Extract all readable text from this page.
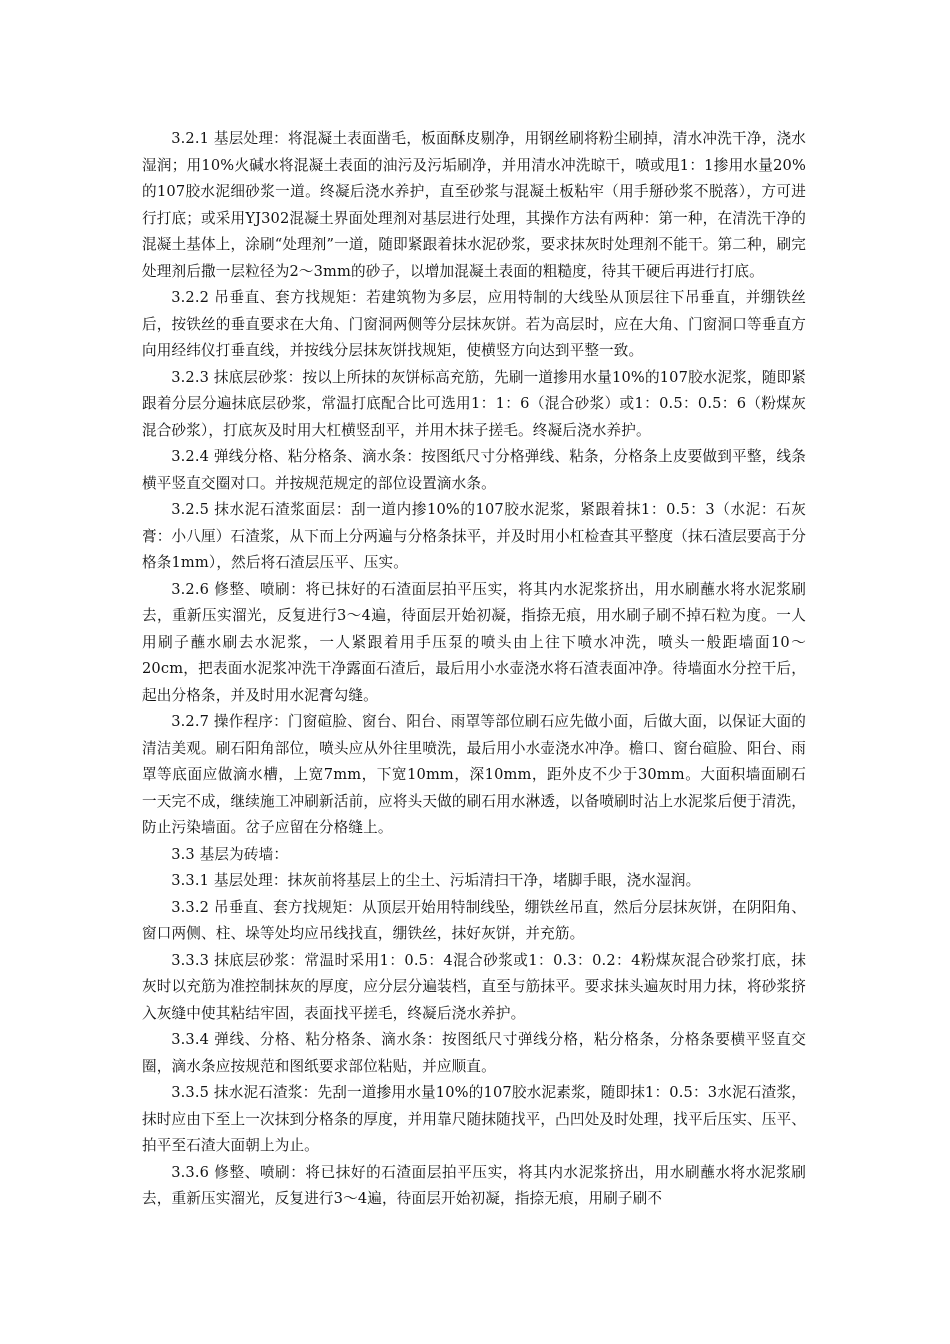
3.2.1 基层处理：将混凝土表面凿毛，板面酥皮剔净，用钢丝刷将粉尘刷掉，清水冲洗干净，浇水湿润；用10%火碱水将混凝土表面的油污及污垢刷净，并用清水冲洗晾干，喷或甩1：1掺用水量20%的107胶水泥细砂浆一道。终凝后浇水养护，直至砂浆与混凝土板粘牢（用手掰砂浆不脱落），方可进行打底；或采用YJ302混凝土界面处理剂对基层进行处理，其操作方法有两种：第一种，在清洗干净的混凝土基体上，涂刷“处理剂”一道，随即紧跟着抹水泥砂浆，要求抹灰时处理剂不能干。第二种，刷完处理剂后撒一层粒径为2～3mm的砂子，以增加混凝土表面的粗糙度，待其干硬后再进行打底。

3.2.2 吊垂直、套方找规矩：若建筑物为多层，应用特制的大线坠从顶层往下吊垂直，并绷铁丝后，按铁丝的垂直要求在大角、门窗洞两侧等分层抹灰饼。若为高层时，应在大角、门窗洞口等垂直方向用经纬仪打垂直线，并按线分层抹灰饼找规矩，使横竖方向达到平整一致。

3.2.3 抹底层砂浆：按以上所抹的灰饼标高充筋，先刷一道掺用水量10%的107胶水泥浆，随即紧跟着分层分遍抹底层砂浆，常温打底配合比可选用1：1：6（混合砂浆）或1：0.5：0.5：6（粉煤灰混合砂浆），打底灰及时用大杠横竖刮平，并用木抹子搓毛。终凝后浇水养护。

3.2.4 弹线分格、粘分格条、滴水条：按图纸尺寸分格弹线、粘条，分格条上皮要做到平整，线条横平竖直交圈对口。并按规范规定的部位设置滴水条。

3.2.5 抹水泥石渣浆面层：刮一道内掺10%的107胶水泥浆，紧跟着抹1：0.5：3（水泥：石灰膏：小八厘）石渣浆，从下而上分两遍与分格条抹平，并及时用小杠检查其平整度（抹石渣层要高于分格条1mm），然后将石渣层压平、压实。

3.2.6 修整、喷刷：将已抹好的石渣面层拍平压实，将其内水泥浆挤出，用水刷蘸水将水泥浆刷去，重新压实溜光，反复进行3～4遍，待面层开始初凝，指捺无痕，用水刷子刷不掉石粒为度。一人用刷子蘸水刷去水泥浆，一人紧跟着用手压泵的喷头由上往下喷水冲洗，喷头一般距墙面10～20cm，把表面水泥浆冲洗干净露面石渣后，最后用小水壶浇水将石渣表面冲净。待墙面水分控干后，起出分格条，并及时用水泥膏勾缝。

3.2.7 操作程序：门窗碹脸、窗台、阳台、雨罩等部位刷石应先做小面，后做大面，以保证大面的清洁美观。刷石阳角部位，喷头应从外往里喷洗，最后用小水壶浇水冲净。檐口、窗台碹脸、阳台、雨罩等底面应做滴水槽，上宽7mm，下宽10mm，深10mm，距外皮不少于30mm。大面积墙面刷石一天完不成，继续施工冲刷新活前，应将头天做的刷石用水淋透，以备喷刷时沾上水泥浆后便于清洗，防止污染墙面。岔子应留在分格缝上。

3.3 基层为砖墙：

3.3.1 基层处理：抹灰前将基层上的尘土、污垢清扫干净，堵脚手眼，浇水湿润。

3.3.2 吊垂直、套方找规矩：从顶层开始用特制线坠，绷铁丝吊直，然后分层抹灰饼，在阴阳角、窗口两侧、柱、垛等处均应吊线找直，绷铁丝，抹好灰饼，并充筋。

3.3.3 抹底层砂浆：常温时采用1：0.5：4混合砂浆或1：0.3：0.2：4粉煤灰混合砂浆打底，抹灰时以充筋为准控制抹灰的厚度，应分层分遍装档，直至与筋抹平。要求抹头遍灰时用力抹，将砂浆挤入灰缝中使其粘结牢固，表面找平搓毛，终凝后浇水养护。

3.3.4 弹线、分格、粘分格条、滴水条：按图纸尺寸弹线分格，粘分格条，分格条要横平竖直交圈，滴水条应按规范和图纸要求部位粘贴，并应顺直。

3.3.5 抹水泥石渣浆：先刮一道掺用水量10%的107胶水泥素浆，随即抹1：0.5：3水泥石渣浆，抹时应由下至上一次抹到分格条的厚度，并用靠尺随抹随找平，凸凹处及时处理，找平后压实、压平、拍平至石渣大面朝上为止。

3.3.6 修整、喷刷：将已抹好的石渣面层拍平压实，将其内水泥浆挤出，用水刷蘸水将水泥浆刷去，重新压实溜光，反复进行3～4遍，待面层开始初凝，指捺无痕，用刷子刷不
